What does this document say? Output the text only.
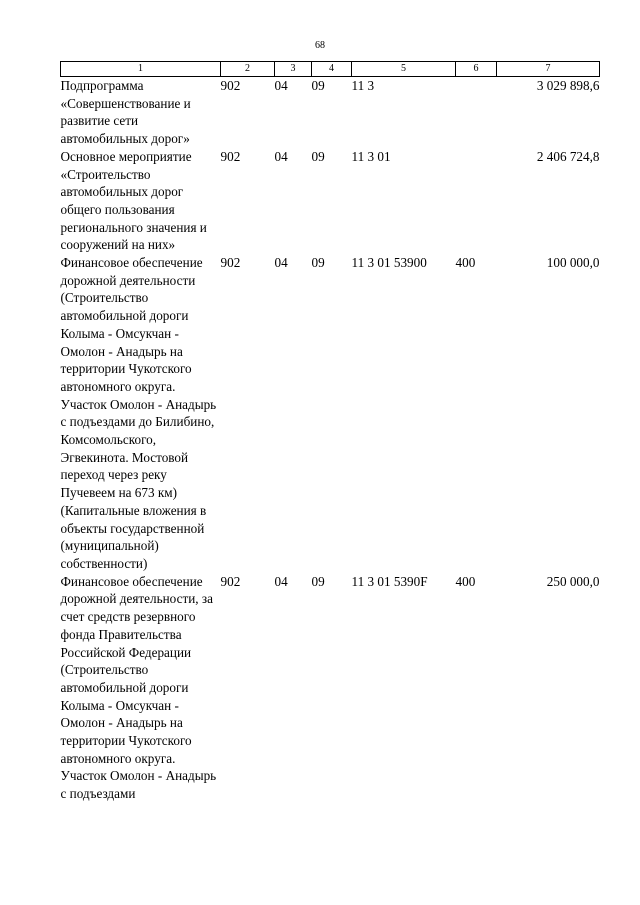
68
1	2	3	4	5	6	7
Подпрограмма «Совершенствование и развитие сети автомобильных дорог»	902	04	09	11 3		3 029 898,6
Основное мероприятие «Строительство автомобильных дорог общего пользования регионального значения и сооружений на них»	902	04	09	11 3 01		2 406 724,8
Финансовое обеспечение дорожной деятельности (Строительство автомобильной дороги Колыма - Омсукчан - Омолон - Анадырь на территории Чукотского автономного округа. Участок Омолон - Анадырь с подъездами до Билибино, Комсомольского, Эгвекинота. Мостовой переход через реку Пучевеем на 673 км) (Капитальные вложения в объекты государственной (муниципальной) собственности)	902	04	09	11 3 01 53900	400	100 000,0
Финансовое обеспечение дорожной деятельности, за счет средств резервного фонда Правительства Российской Федерации (Строительство автомобильной дороги Колыма - Омсукчан - Омолон - Анадырь на территории Чукотского автономного округа. Участок Омолон - Анадырь с подъездами	902	04	09	11 3 01 5390F	400	250 000,0
